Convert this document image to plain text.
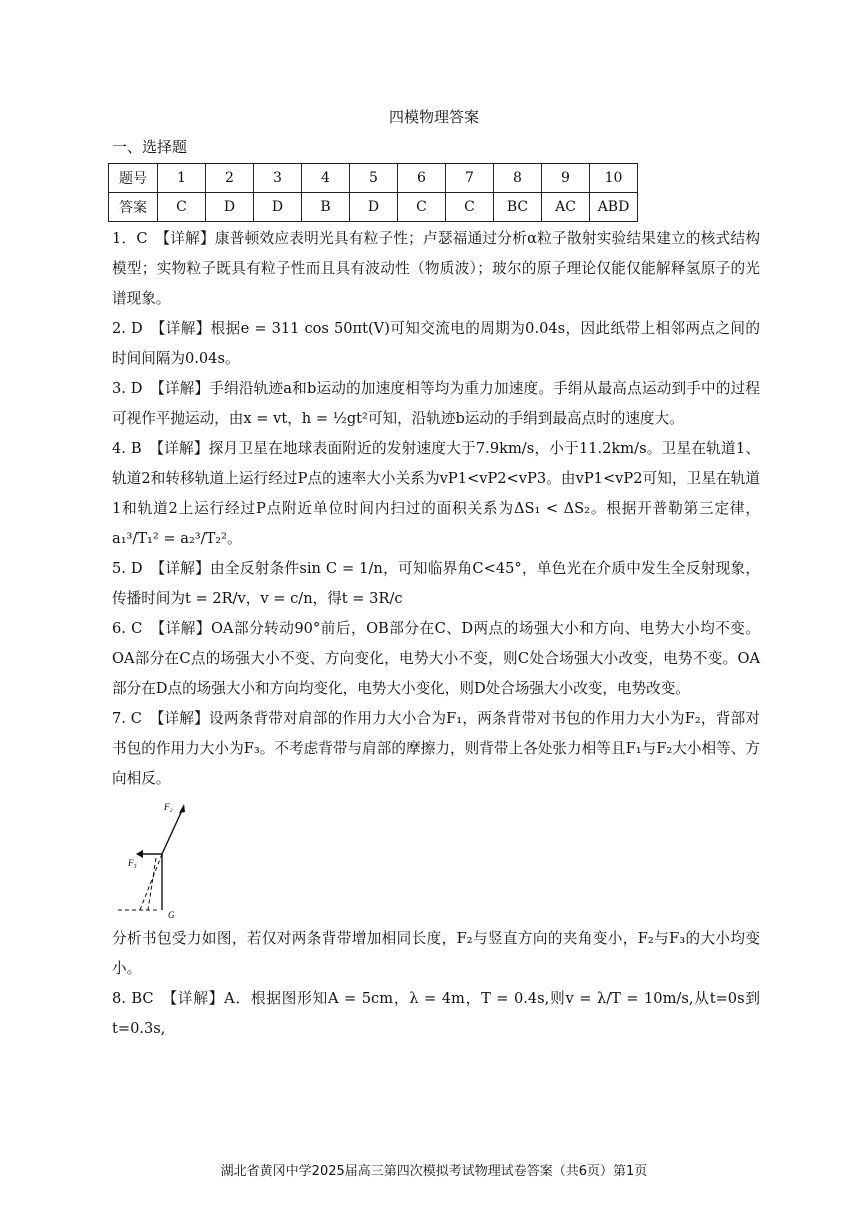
四模物理答案
一、选择题
题号	1	2	3	4	5	6	7	8	9	10
答案	C	D	D	B	D	C	C	BC	AC	ABD

1．C　【详解】康普顿效应表明光具有粒子性；卢瑟福通过分析α粒子散射实验结果建立的核式结构模型；实物粒子既具有粒子性而且具有波动性（物质波）；玻尔的原子理论仅能仅能解释氢原子的光谱现象。

2. D　【详解】根据e = 311 cos 50πt(V)可知交流电的周期为0.04s，因此纸带上相邻两点之间的时间间隔为0.04s。

3. D　【详解】手绢沿轨迹a和b运动的加速度相等均为重力加速度。手绢从最高点运动到手中的过程可视作平抛运动，由x = vt，h = ½gt²可知，沿轨迹b运动的手绢到最高点时的速度大。

4. B　【详解】探月卫星在地球表面附近的发射速度大于7.9km/s，小于11.2km/s。卫星在轨道1、轨道2和转移轨道上运行经过P点的速率大小关系为vP1<vP2<vP3。由vP1<vP2可知，卫星在轨道1和轨道2上运行经过P点附近单位时间内扫过的面积关系为ΔS₁ < ΔS₂。根据开普勒第三定律，a₁³/T₁² = a₂³/T₂²。

5. D　【详解】由全反射条件sin C = 1/n，可知临界角C<45°，单色光在介质中发生全反射现象，传播时间为t = 2R/v，v = c/n，得t = 3R/c

6. C　【详解】OA部分转动90°前后，OB部分在C、D两点的场强大小和方向、电势大小均不变。OA部分在C点的场强大小不变、方向变化，电势大小不变，则C处合场强大小改变，电势不变。OA部分在D点的场强大小和方向均变化，电势大小变化，则D处合场强大小改变，电势改变。

7. C　【详解】设两条背带对肩部的作用力大小合为F₁，两条背带对书包的作用力大小为F₂，背部对书包的作用力大小为F₃。不考虑背带与肩部的摩擦力，则背带上各处张力相等且F₁与F₂大小相等、方向相反。

F₂
F₃
G

分析书包受力如图，若仅对两条背带增加相同长度，F₂与竖直方向的夹角变小，F₂与F₃的大小均变小。

8. BC　【详解】A．根据图形知A = 5cm，λ = 4m，T = 0.4s,则v = λ/T = 10m/s,从t=0s到t=0.3s,

湖北省黄冈中学2025届高三第四次模拟考试物理试卷答案（共6页）第1页
